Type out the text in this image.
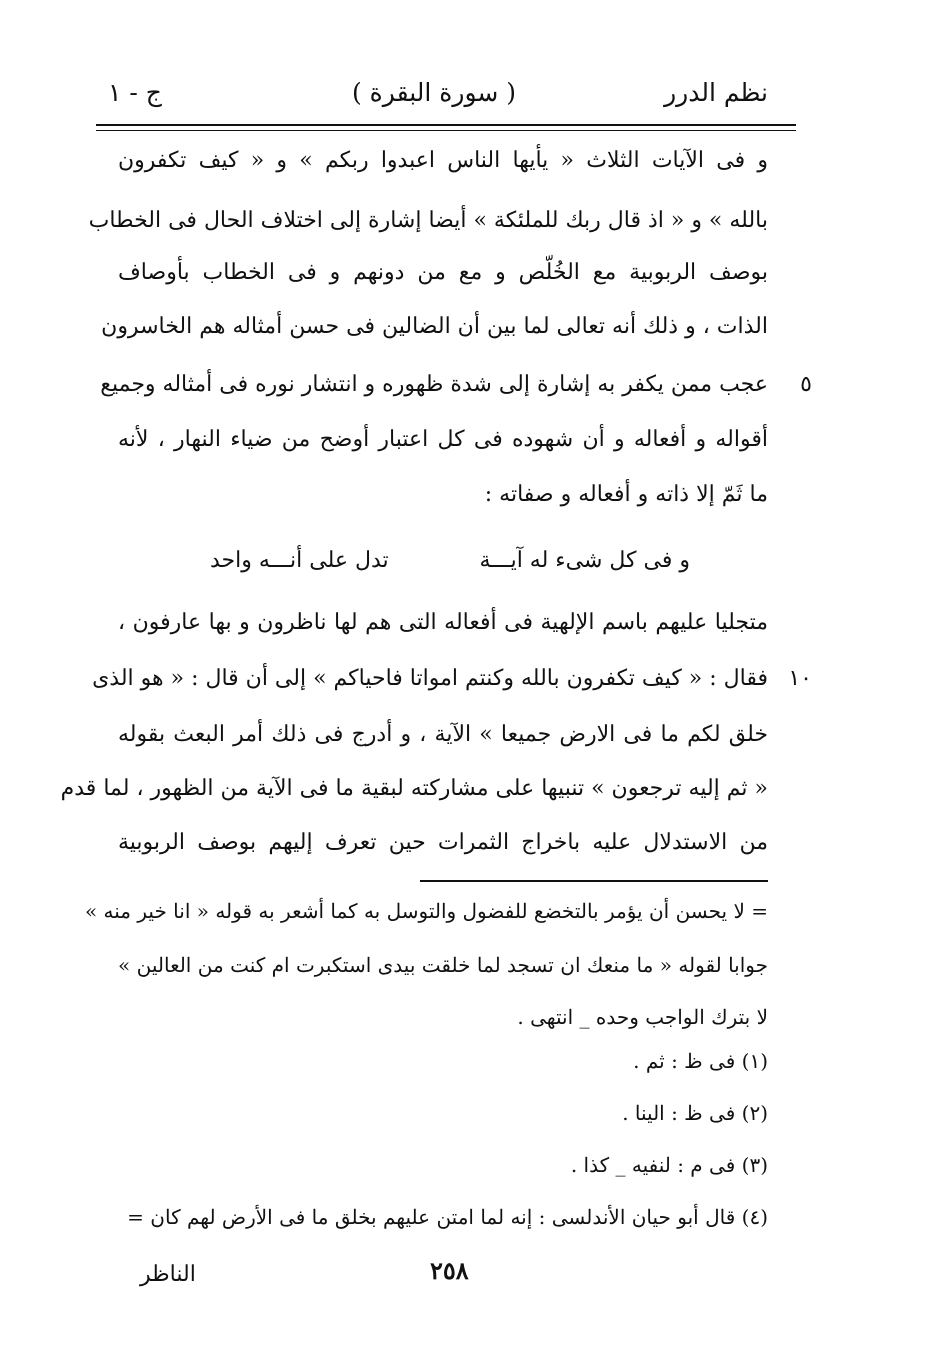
نظم الدرر
( سورة البقرة )
ج - ١
و فى الآيات الثلاث « يأيها الناس اعبدوا ربكم » و « كيف تكفرون
بالله » و « اذ قال ربك للملئكة » أيضا إشارة إلى اختلاف الحال فى الخطاب
بوصف الربوبية مع الخُلّص و مع من دونهم و فى الخطاب بأوصاف
الذات ، و ذلك أنه تعالى لما بين أن الضالين فى حسن أمثاله هم الخاسرون
٥
عجب ممن يكفر به إشارة إلى شدة ظهوره و انتشار نوره فى أمثاله وجميع
أقواله و أفعاله و أن شهوده فى كل اعتبار أوضح من ضياء النهار ، لأنه
ما ثَمّ إلا ذاته و أفعاله و صفاته :
و فى كل شىء له آيـــة
تدل على أنـــه واحد
متجليا عليهم باسم الإلهية فى أفعاله التى هم لها ناظرون و بها عارفون ،
١٠
فقال : « كيف تكفرون بالله وكنتم امواتا فاحياكم » إلى أن قال : « هو الذى
خلق لكم ما فى الارض جميعا » الآية ، و أدرج فى ذلك أمر البعث بقوله
« ثم إليه ترجعون » تنبيها على مشاركته لبقية ما فى الآية من الظهور ، لما قدم
من الاستدلال عليه باخراج الثمرات حين تعرف إليهم بوصف الربوبية
= لا يحسن أن يؤمر بالتخضع للفضول والتوسل به كما أشعر به قوله « انا خير منه »
جوابا لقوله « ما منعك ان تسجد لما خلقت بيدى استكبرت ام كنت من العالين »
لا بترك الواجب وحده _ انتهى .
(١) فى ظ : ثم .
(٢) فى ظ : الينا .
(٣) فى م : لنفيه _ كذا .
(٤) قال أبو حيان الأندلسى : إنه لما امتن عليهم بخلق ما فى الأرض لهم كان =
٢٥٨
الناظر
